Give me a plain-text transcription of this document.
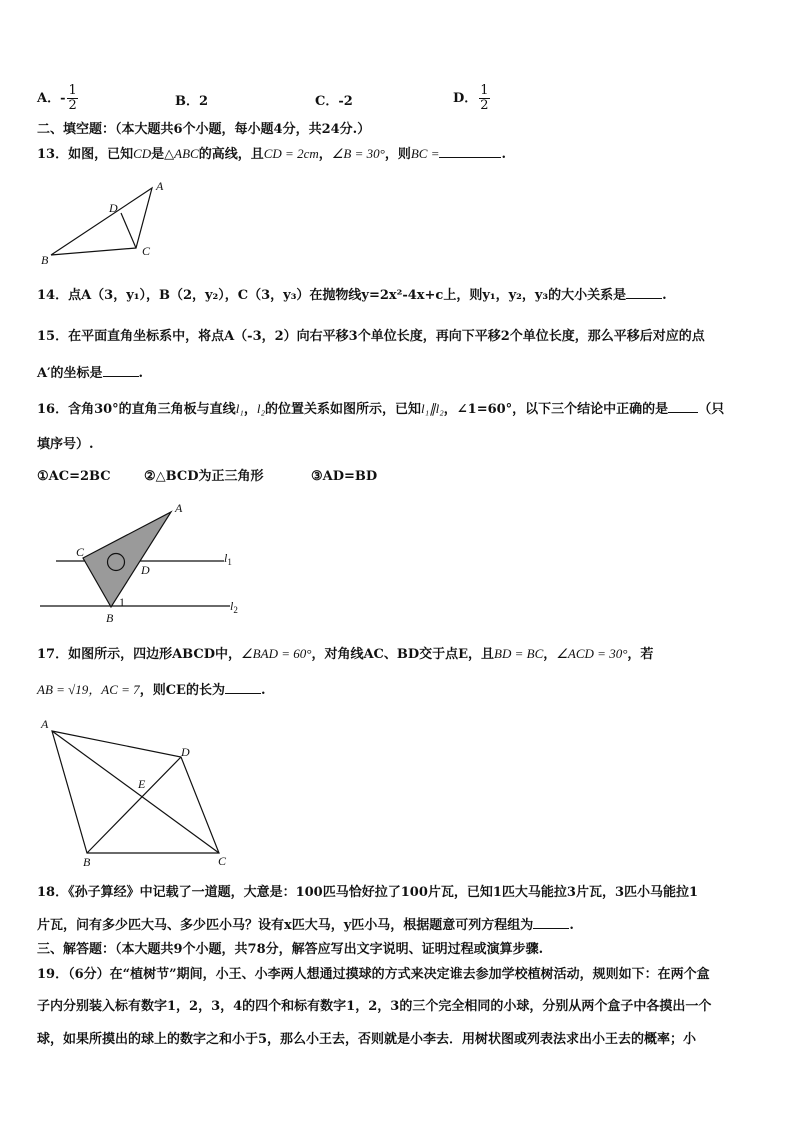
A．- $\frac{1}{2}$	B．2	C．-2	D． $\frac{1}{2}$
二、填空题：（本大题共6个小题，每小题4分，共24分.）
13．如图，已知CD是△ABC的高线，且CD = 2cm，∠B = 30°，则BC =	.
A
B
C
D
14．点A（3，y₁），B（2，y₂），C（3，y₃）在抛物线y=2x²-4x+c上，则y₁，y₂，y₃的大小关系是	.
15．在平面直角坐标系中，将点A（-3，2）向右平移3个单位长度，再向下平移2个单位长度，那么平移后对应的点
A′的坐标是	.
16．含角30°的直角三角板与直线l₁，l₂的位置关系如图所示，已知l₁∥l₂，∠1=60°，以下三个结论中正确的是 （只
填序号）.
①AC=2BC	②△BCD为正三角形	③AD=BD
A
C
D
B
1
$l_1$
$l_2$
17．如图所示，四边形ABCD中，∠BAD = 60°，对角线AC、BD交于点E，且BD = BC，∠ACD = 30°，若
AB = √19，AC = 7，则CE的长为	.
A
D
E
B	C
18．《孙子算经》中记载了一道题，大意是：100匹马恰好拉了100片瓦，已知1匹大马能拉3片瓦，3匹小马能拉1
片瓦，问有多少匹大马、多少匹小马？设有x匹大马，y匹小马，根据题意可列方程组为	.
三、解答题：（本大题共9个小题，共78分，解答应写出文字说明、证明过程或演算步骤.
19．（6分）在“植树节”期间，小王、小李两人想通过摸球的方式来决定谁去参加学校植树活动，规则如下：在两个盒
子内分别装入标有数字1，2，3，4的四个和标有数字1，2，3的三个完全相同的小球，分别从两个盒子中各摸出一个
球，如果所摸出的球上的数字之和小于5，那么小王去，否则就是小李去．用树状图或列表法求出小王去的概率；小
